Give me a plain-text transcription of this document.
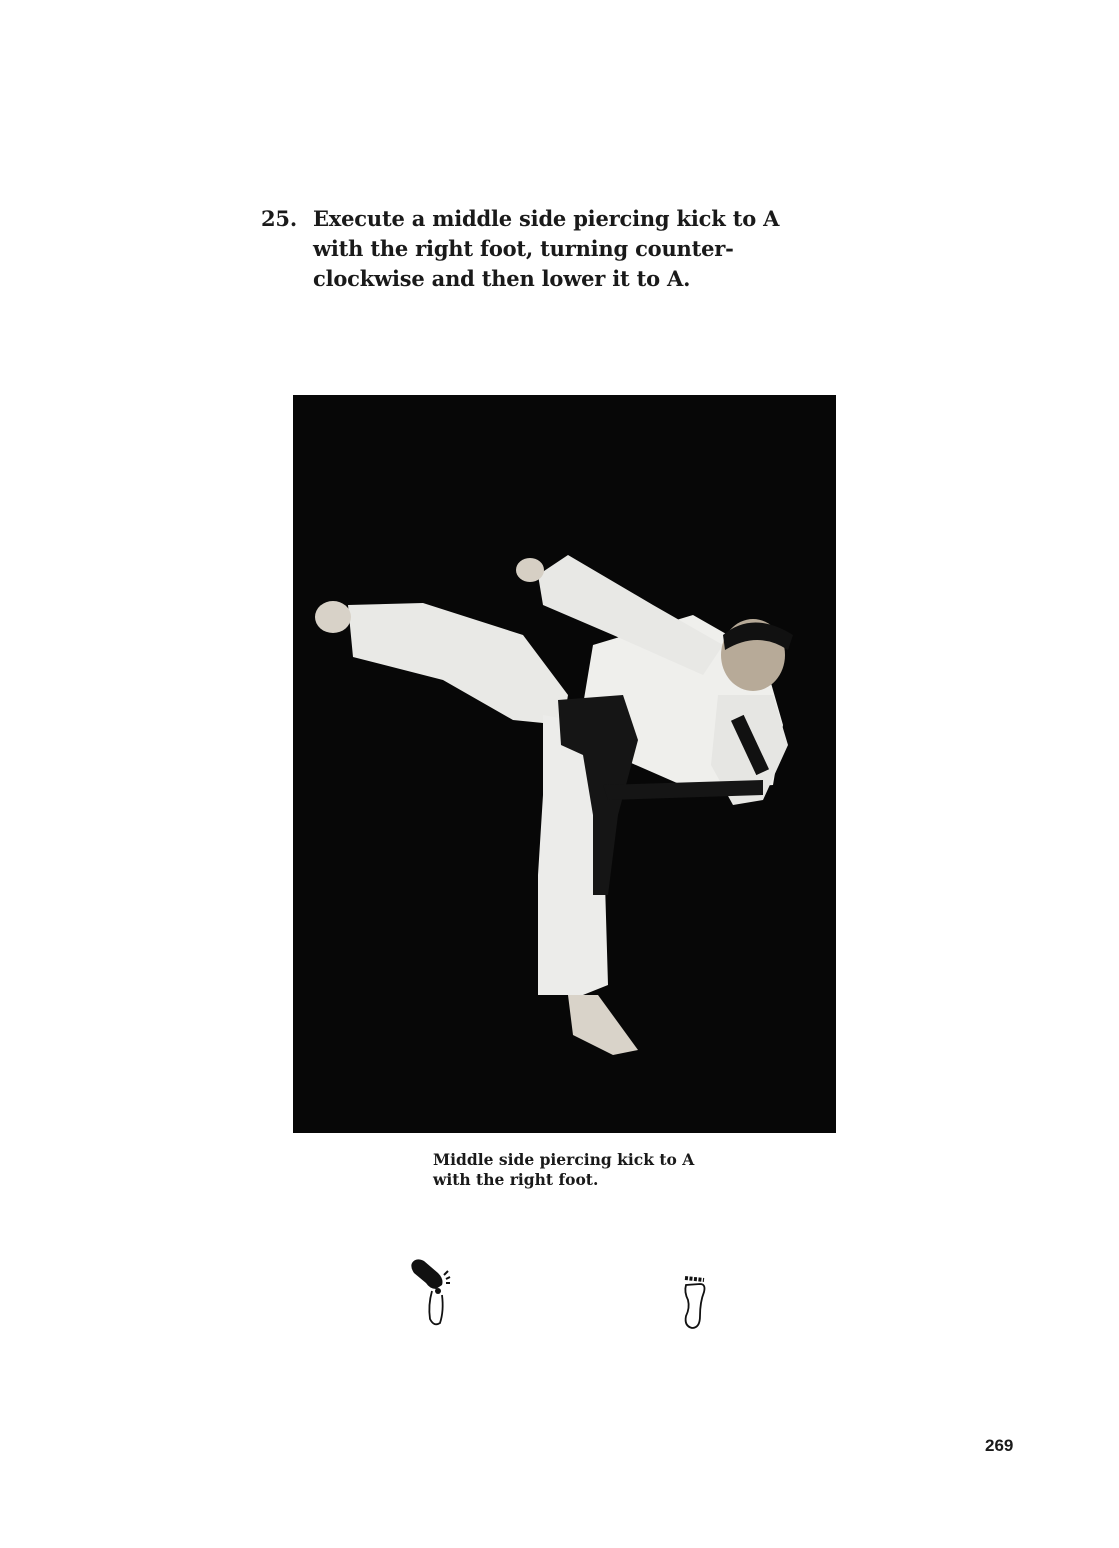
25. Execute a middle side piercing kick to A with the right foot, turning counter-clockwise and then lower it to A.
Middle side piercing kick to A
with the right foot.
269
